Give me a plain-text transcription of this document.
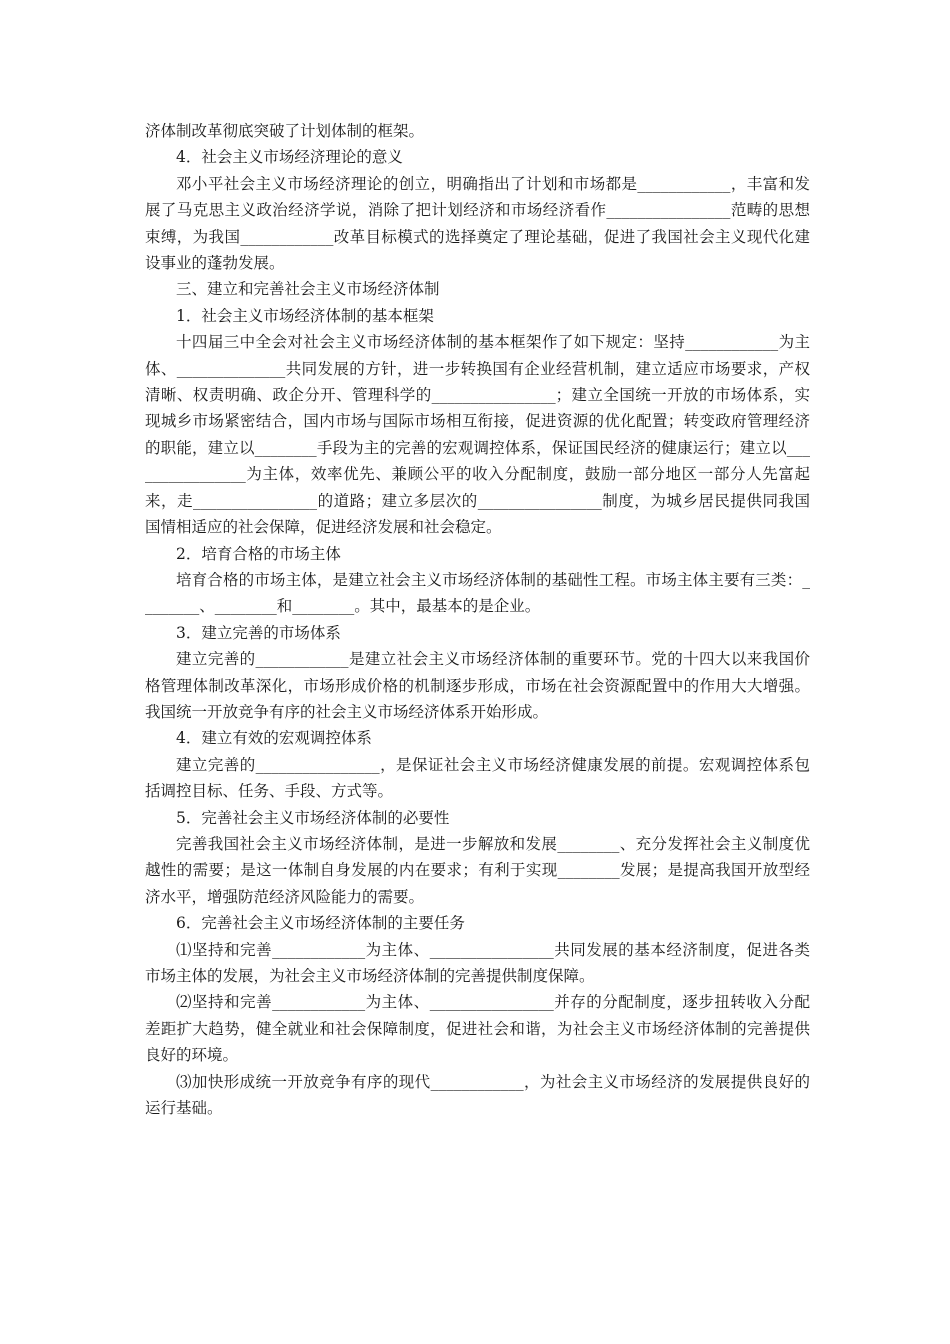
济体制改革彻底突破了计划体制的框架。

4．社会主义市场经济理论的意义

邓小平社会主义市场经济理论的创立，明确指出了计划和市场都是____________，丰富和发展了马克思主义政治经济学说，消除了把计划经济和市场经济看作________________范畴的思想束缚，为我国____________改革目标模式的选择奠定了理论基础，促进了我国社会主义现代化建设事业的蓬勃发展。

三、建立和完善社会主义市场经济体制

1．社会主义市场经济体制的基本框架

十四届三中全会对社会主义市场经济体制的基本框架作了如下规定：坚持____________为主体、______________共同发展的方针，进一步转换国有企业经营机制，建立适应市场要求，产权清晰、权责明确、政企分开、管理科学的________________；建立全国统一开放的市场体系，实现城乡市场紧密结合，国内市场与国际市场相互衔接，促进资源的优化配置；转变政府管理经济的职能，建立以________手段为主的完善的宏观调控体系，保证国民经济的健康运行；建立以________________为主体，效率优先、兼顾公平的收入分配制度，鼓励一部分地区一部分人先富起来，走________________的道路；建立多层次的________________制度，为城乡居民提供同我国国情相适应的社会保障，促进经济发展和社会稳定。

2．培育合格的市场主体

培育合格的市场主体，是建立社会主义市场经济体制的基础性工程。市场主体主要有三类：________、________和________。其中，最基本的是企业。

3．建立完善的市场体系

建立完善的____________是建立社会主义市场经济体制的重要环节。党的十四大以来我国价格管理体制改革深化，市场形成价格的机制逐步形成，市场在社会资源配置中的作用大大增强。我国统一开放竞争有序的社会主义市场经济体系开始形成。

4．建立有效的宏观调控体系

建立完善的________________，是保证社会主义市场经济健康发展的前提。宏观调控体系包括调控目标、任务、手段、方式等。

5．完善社会主义市场经济体制的必要性

完善我国社会主义市场经济体制，是进一步解放和发展________、充分发挥社会主义制度优越性的需要；是这一体制自身发展的内在要求；有利于实现________发展；是提高我国开放型经济水平，增强防范经济风险能力的需要。

6．完善社会主义市场经济体制的主要任务

⑴坚持和完善____________为主体、________________共同发展的基本经济制度，促进各类市场主体的发展，为社会主义市场经济体制的完善提供制度保障。

⑵坚持和完善____________为主体、________________并存的分配制度，逐步扭转收入分配差距扩大趋势，健全就业和社会保障制度，促进社会和谐，为社会主义市场经济体制的完善提供良好的环境。

⑶加快形成统一开放竞争有序的现代____________，为社会主义市场经济的发展提供良好的运行基础。
